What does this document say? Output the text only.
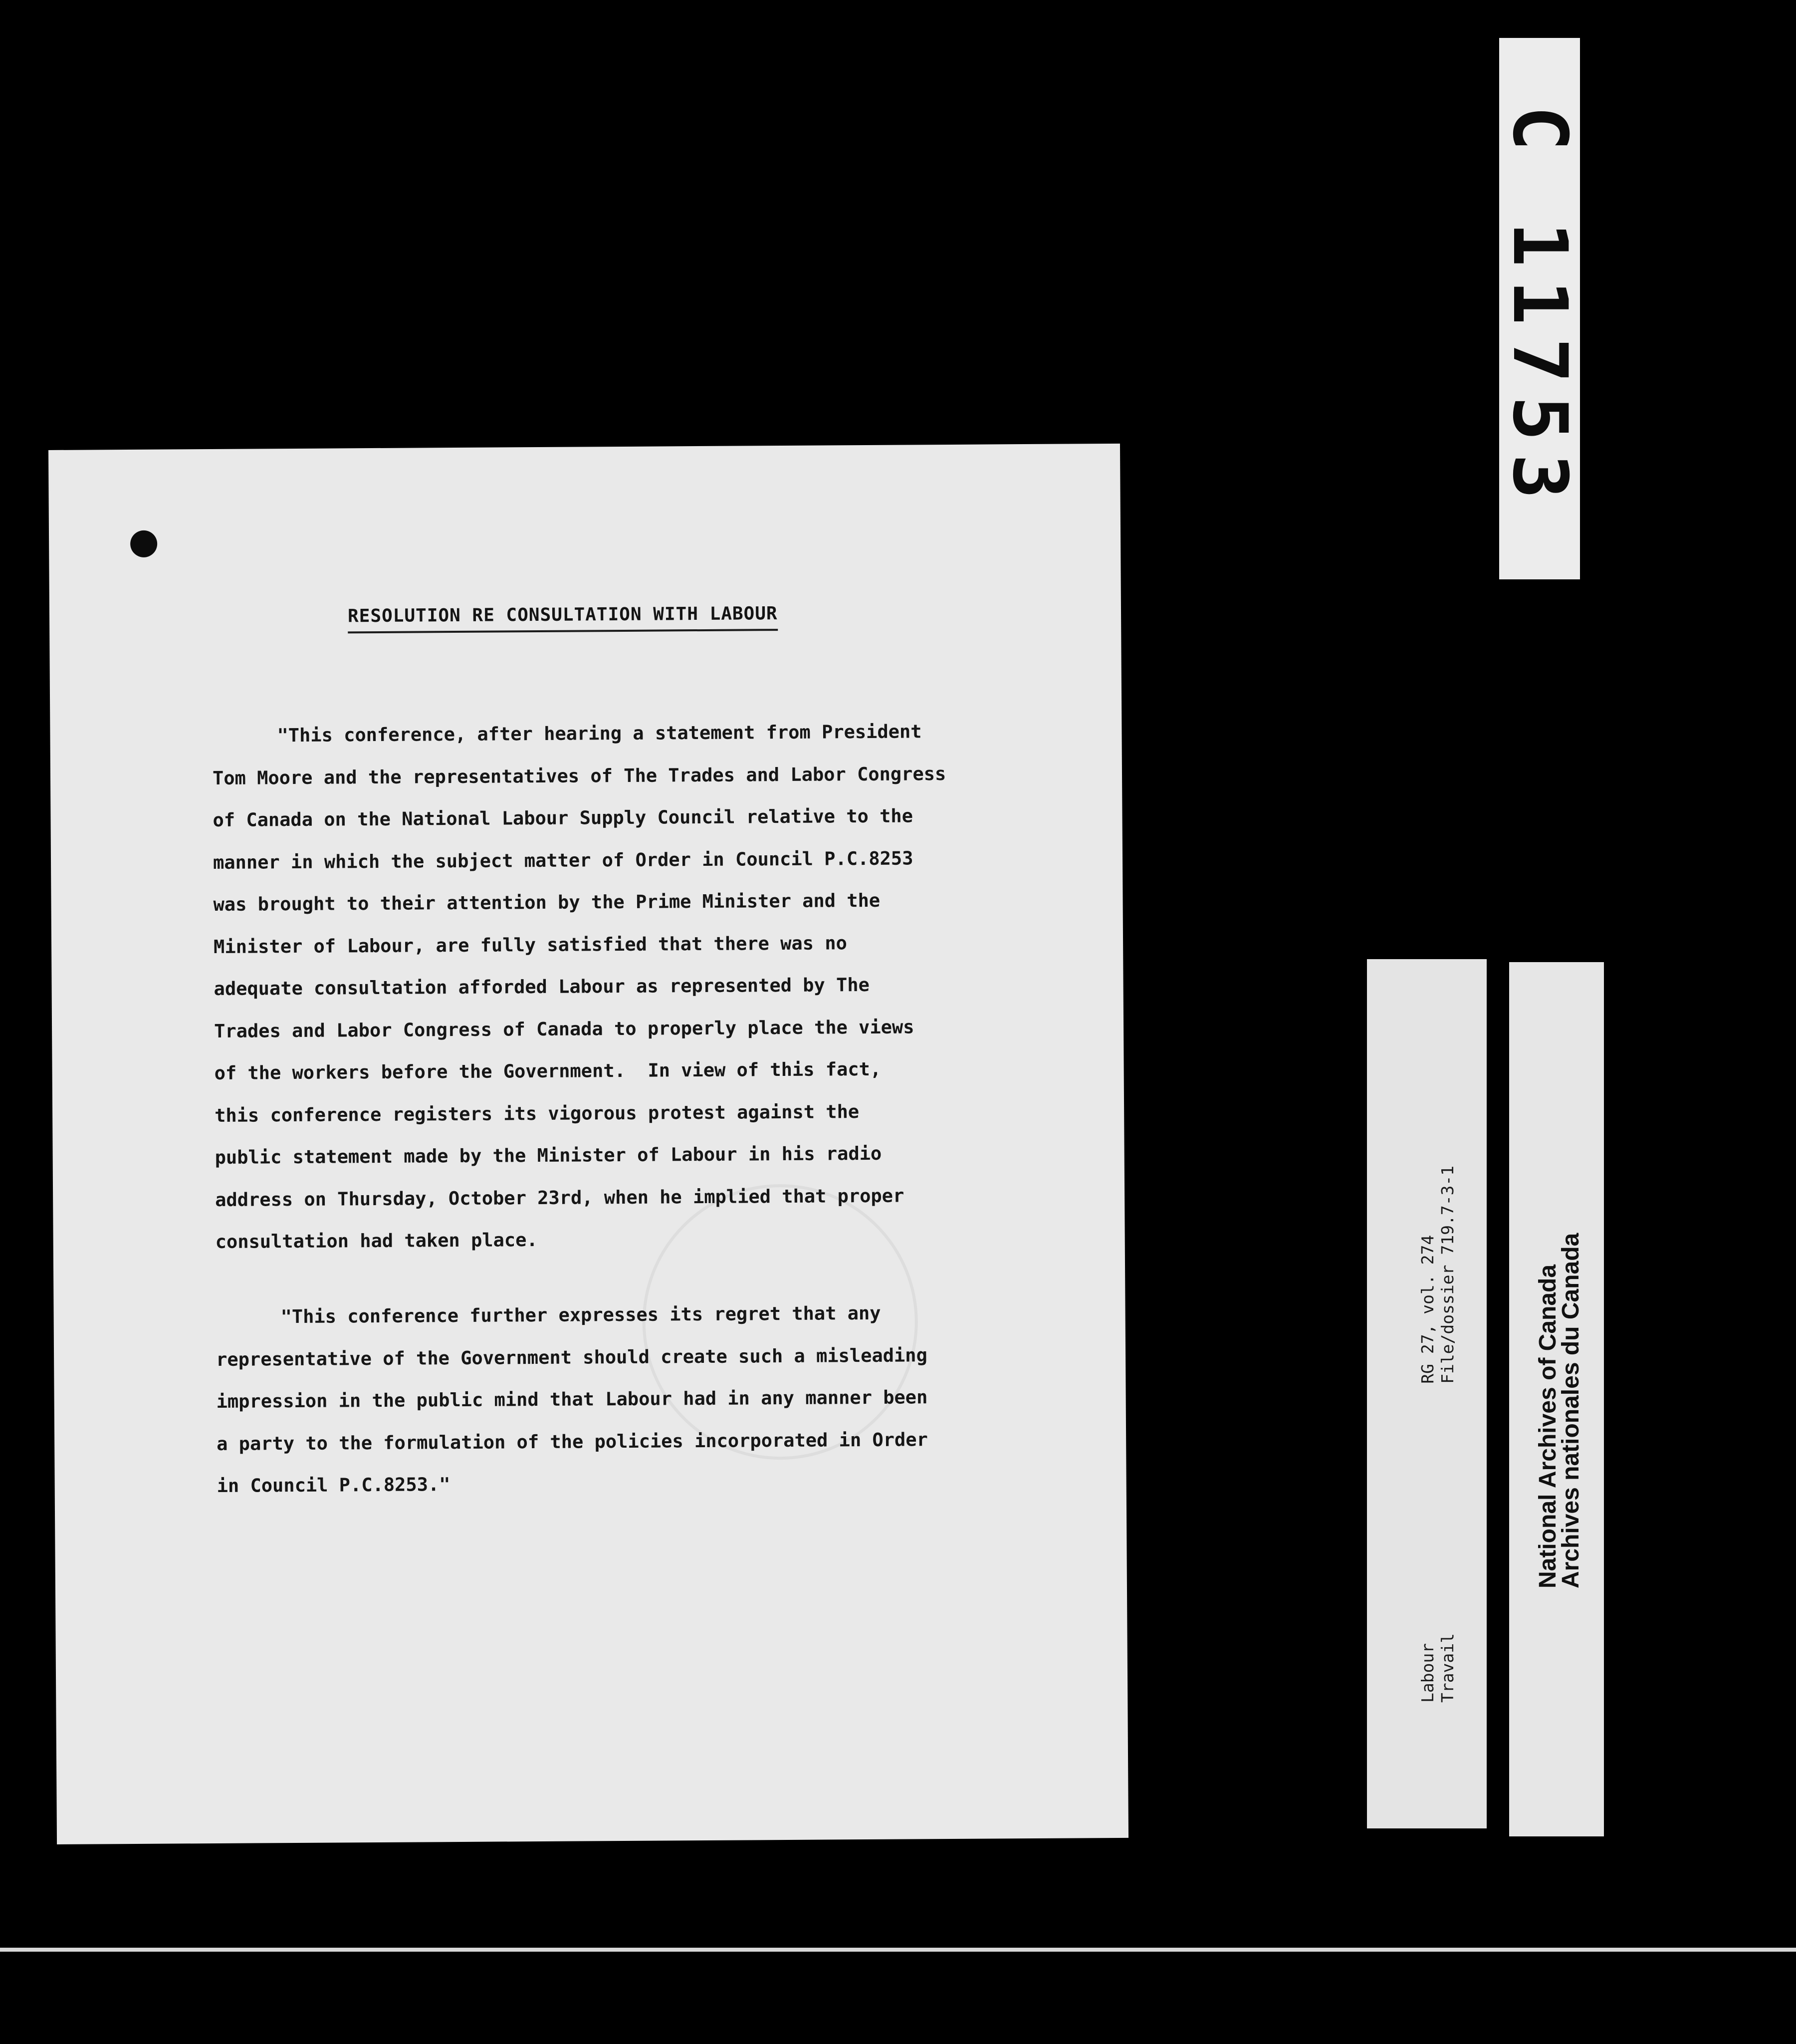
RESOLUTION RE CONSULTATION WITH LABOUR

"This conference, after hearing a statement from President
Tom Moore and the representatives of The Trades and Labor Congress
of Canada on the National Labour Supply Council relative to the
manner in which the subject matter of Order in Council P.C.8253
was brought to their attention by the Prime Minister and the
Minister of Labour, are fully satisfied that there was no
adequate consultation afforded Labour as represented by The
Trades and Labor Congress of Canada to properly place the views
of the workers before the Government.  In view of this fact,
this conference registers its vigorous protest against the
public statement made by the Minister of Labour in his radio
address on Thursday, October 23rd, when he implied that proper
consultation had taken place.

"This conference further expresses its regret that any
representative of the Government should create such a misleading
impression in the public mind that Labour had in any manner been
a party to the formulation of the policies incorporated in Order
in Council P.C.8253."

C 11753
LabourRG 27, vol. 274
TravailFile/dossier 719.7-3-1	National Archives of Canada
Archives nationales du Canada
